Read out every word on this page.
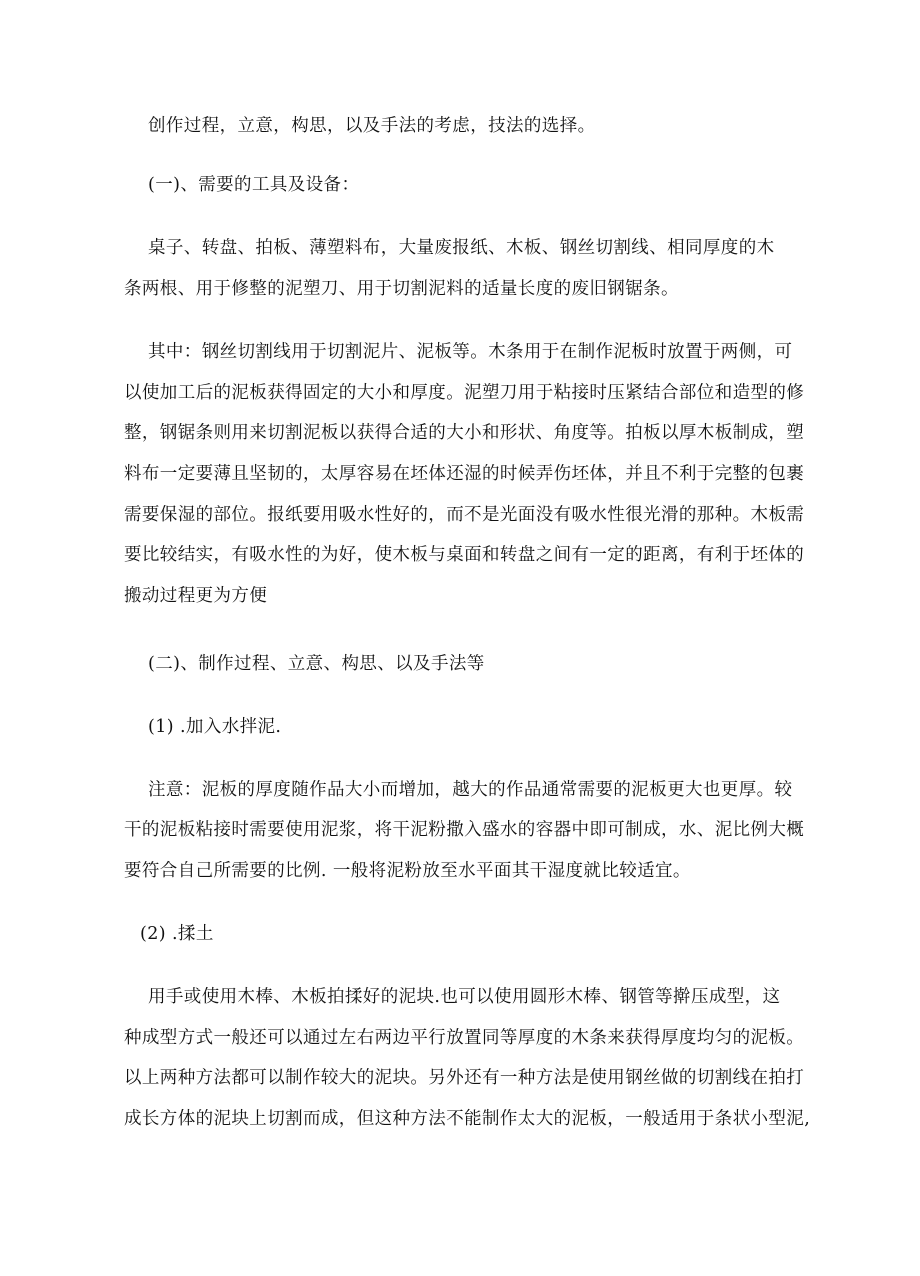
创作过程，立意，构思，以及手法的考虑，技法的选择。

(一)、需要的工具及设备：

桌子、转盘、拍板、薄塑料布，大量废报纸、木板、钢丝切割线、相同厚度的木

条两根、用于修整的泥塑刀、用于切割泥料的适量长度的废旧钢锯条。

其中：钢丝切割线用于切割泥片、泥板等。木条用于在制作泥板时放置于两侧，可

以使加工后的泥板获得固定的大小和厚度。泥塑刀用于粘接时压紧结合部位和造型的修

整，钢锯条则用来切割泥板以获得合适的大小和形状、角度等。拍板以厚木板制成，塑

料布一定要薄且坚韧的，太厚容易在坯体还湿的时候弄伤坯体，并且不利于完整的包裹

需要保湿的部位。报纸要用吸水性好的，而不是光面没有吸水性很光滑的那种。木板需

要比较结实，有吸水性的为好，使木板与桌面和转盘之间有一定的距离，有利于坯体的

搬动过程更为方便

(二)、制作过程、立意、构思、以及手法等

(1) .加入水拌泥.

注意：泥板的厚度随作品大小而增加，越大的作品通常需要的泥板更大也更厚。较

干的泥板粘接时需要使用泥浆，将干泥粉撒入盛水的容器中即可制成，水、泥比例大概

要符合自己所需要的比例. 一般将泥粉放至水平面其干湿度就比较适宜。

(2) .揉土

用手或使用木棒、木板拍揉好的泥块.也可以使用圆形木棒、钢管等擀压成型，这

种成型方式一般还可以通过左右两边平行放置同等厚度的木条来获得厚度均匀的泥板。

以上两种方法都可以制作较大的泥块。另外还有一种方法是使用钢丝做的切割线在拍打

成长方体的泥块上切割而成，但这种方法不能制作太大的泥板，一般适用于条状小型泥,
